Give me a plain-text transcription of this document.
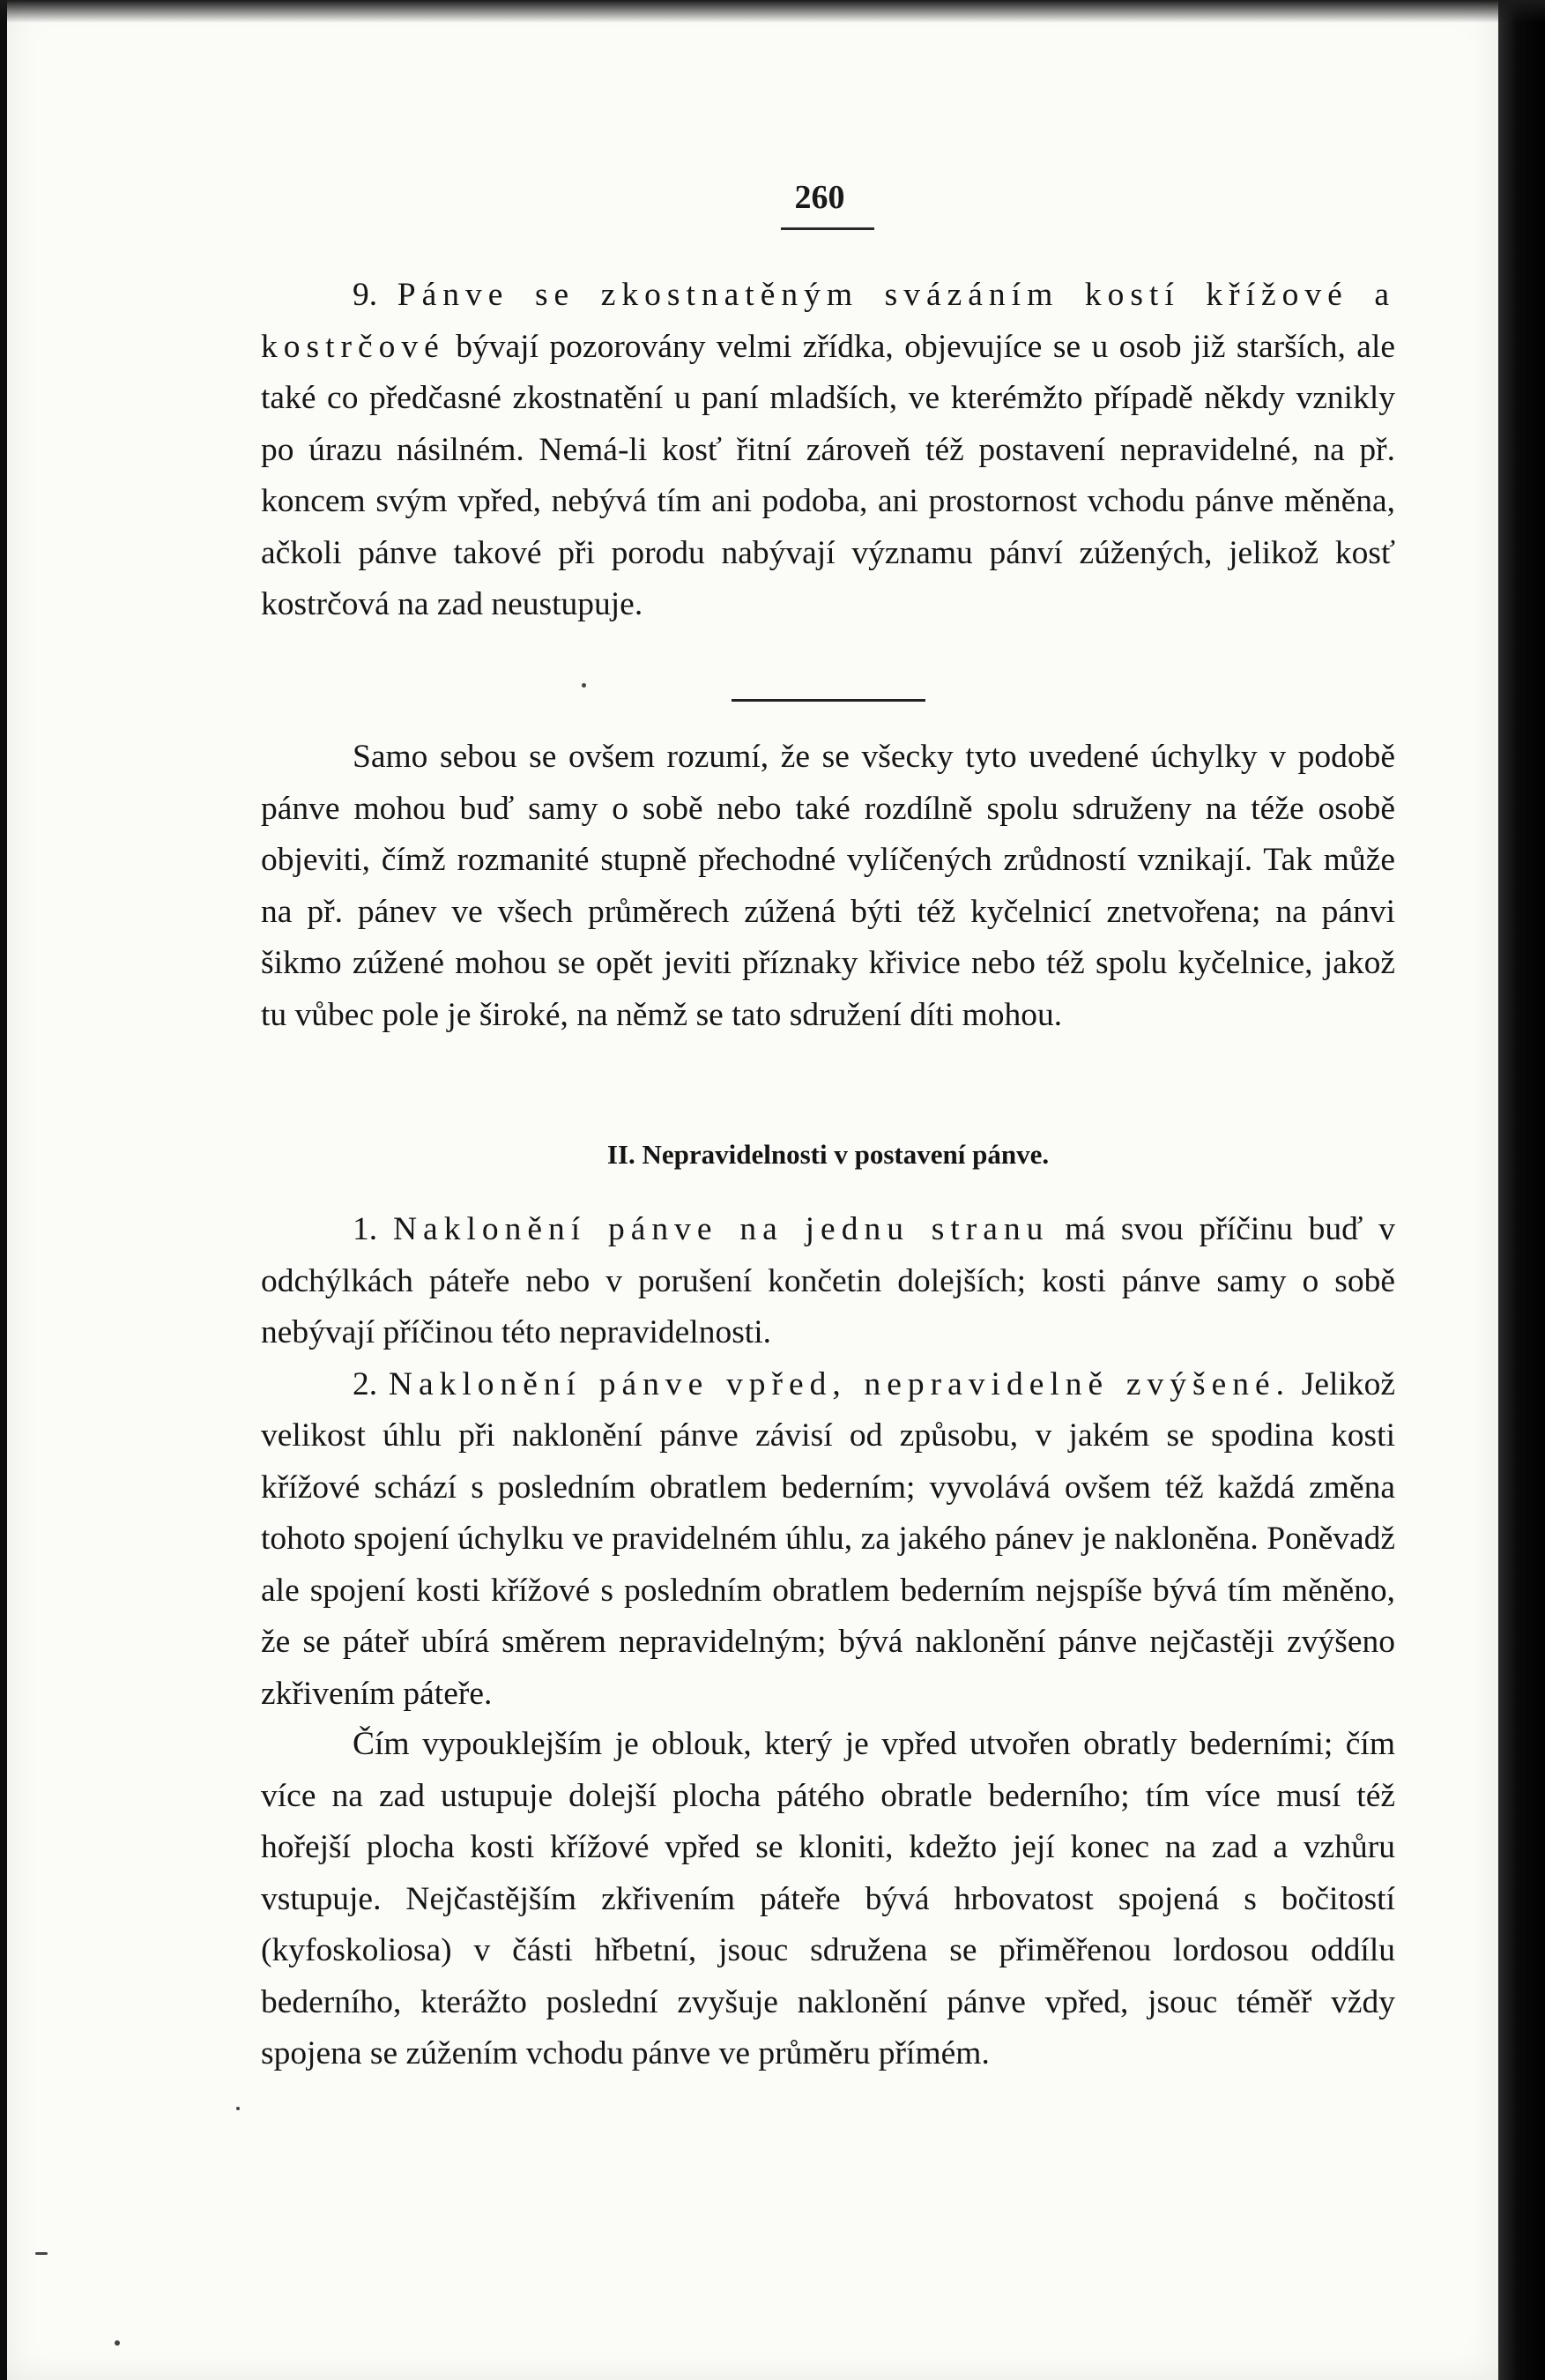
260

9. Pánve se zkostnatěným svázáním kostí křížové a kostrčové bývají pozorovány velmi zřídka, objevujíce se u osob již starších, ale také co předčasné zkostnatění u paní mladších, ve kterémžto případě někdy vznikly po úrazu násilném. Nemá-li kosť řitní zároveň též postavení nepravidelné, na př. koncem svým vpřed, nebývá tím ani podoba, ani prostornost vchodu pánve měněna, ačkoli pánve takové při porodu nabývají významu pánví zúžených, jelikož kosť kostrčová na zad neustupuje.

Samo sebou se ovšem rozumí, že se všecky tyto uvedené úchylky v podobě pánve mohou buď samy o sobě nebo také rozdílně spolu sdruženy na téže osobě objeviti, čímž rozmanité stupně přechodné vylíčených zrůdností vznikají. Tak může na př. pánev ve všech průměrech zúžená býti též kyčelnicí znetvořena; na pánvi šikmo zúžené mohou se opět jeviti příznaky křivice nebo též spolu kyčelnice, jakož tu vůbec pole je široké, na němž se tato sdružení díti mohou.

II. Nepravidelnosti v postavení pánve.

1. Naklonění pánve na jednu stranu má svou příčinu buď v odchýlkách páteře nebo v porušení končetin dolejších; kosti pánve samy o sobě nebývají příčinou této nepravidelnosti.

2. Naklonění pánve vpřed, nepravidelně zvýšené. Jelikož velikost úhlu při naklonění pánve závisí od způsobu, v jakém se spodina kosti křížové schází s posledním obratlem bederním; vyvolává ovšem též každá změna tohoto spojení úchylku ve pravidelném úhlu, za jakého pánev je nakloněna. Poněvadž ale spojení kosti křížové s posledním obratlem bederním nejspíše bývá tím měněno, že se páteř ubírá směrem nepravidelným; bývá naklonění pánve nejčastěji zvýšeno zkřivením páteře.

Čím vypouklejším je oblouk, který je vpřed utvořen obratly bederními; čím více na zad ustupuje dolejší plocha pátého obratle bederního; tím více musí též hořejší plocha kosti křížové vpřed se kloniti, kdežto její konec na zad a vzhůru vstupuje. Nejčastějším zkřivením páteře bývá hrbovatost spojená s bočitostí (kyfoskoliosa) v části hřbetní, jsouc sdružena se přiměřenou lordosou oddílu bederního, kterážto poslední zvyšuje naklonění pánve vpřed, jsouc téměř vždy spojena se zúžením vchodu pánve ve průměru přímém.
